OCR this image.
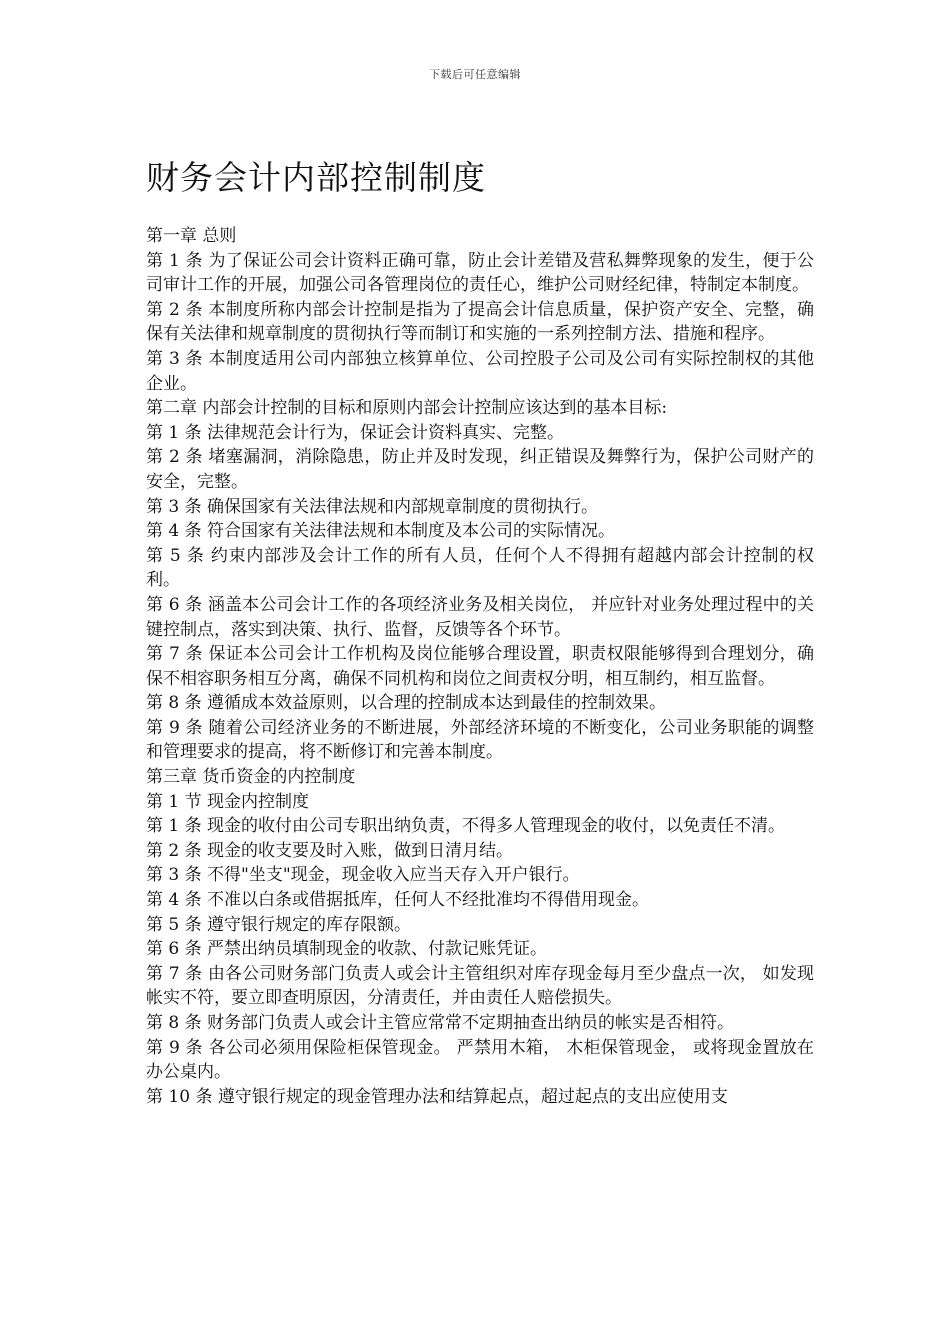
下载后可任意编辑
财务会计内部控制制度

第一章 总则

第 1 条 为了保证公司会计资料正确可靠，防止会计差错及营私舞弊现象的发生，便于公司审计工作的开展，加强公司各管理岗位的责任心，维护公司财经纪律，特制定本制度。

第 2 条 本制度所称内部会计控制是指为了提高会计信息质量，保护资产安全、完整，确保有关法律和规章制度的贯彻执行等而制订和实施的一系列控制方法、措施和程序。

第 3 条 本制度适用公司内部独立核算单位、公司控股子公司及公司有实际控制权的其他企业。

第二章 内部会计控制的目标和原则内部会计控制应该达到的基本目标:

第 1 条 法律规范会计行为，保证会计资料真实、完整。

第 2 条 堵塞漏洞，消除隐患，防止并及时发现，纠正错误及舞弊行为，保护公司财产的安全，完整。

第 3 条 确保国家有关法律法规和内部规章制度的贯彻执行。

第 4 条 符合国家有关法律法规和本制度及本公司的实际情况。

第 5 条 约束内部涉及会计工作的所有人员，任何个人不得拥有超越内部会计控制的权利。

第 6 条 涵盖本公司会计工作的各项经济业务及相关岗位， 并应针对业务处理过程中的关键控制点，落实到决策、执行、监督，反馈等各个环节。

第 7 条 保证本公司会计工作机构及岗位能够合理设置，职责权限能够得到合理划分，确保不相容职务相互分离，确保不同机构和岗位之间责权分明，相互制约，相互监督。

第 8 条 遵循成本效益原则，以合理的控制成本达到最佳的控制效果。

第 9 条 随着公司经济业务的不断进展，外部经济环境的不断变化，公司业务职能的调整和管理要求的提高，将不断修订和完善本制度。

第三章 货币资金的内控制度

第 1 节 现金内控制度

第 1 条 现金的收付由公司专职出纳负责，不得多人管理现金的收付，以免责任不清。

第 2 条 现金的收支要及时入账，做到日清月结。

第 3 条 不得"坐支"现金，现金收入应当天存入开户银行。

第 4 条 不准以白条或借据抵库，任何人不经批准均不得借用现金。

第 5 条 遵守银行规定的库存限额。

第 6 条 严禁出纳员填制现金的收款、付款记账凭证。

第 7 条 由各公司财务部门负责人或会计主管组织对库存现金每月至少盘点一次， 如发现帐实不符，要立即查明原因，分清责任，并由责任人赔偿损失。

第 8 条 财务部门负责人或会计主管应常常不定期抽查出纳员的帐实是否相符。

第 9 条 各公司必须用保险柜保管现金。 严禁用木箱， 木柜保管现金， 或将现金置放在办公桌内。

第 10 条 遵守银行规定的现金管理办法和结算起点，超过起点的支出应使用支
